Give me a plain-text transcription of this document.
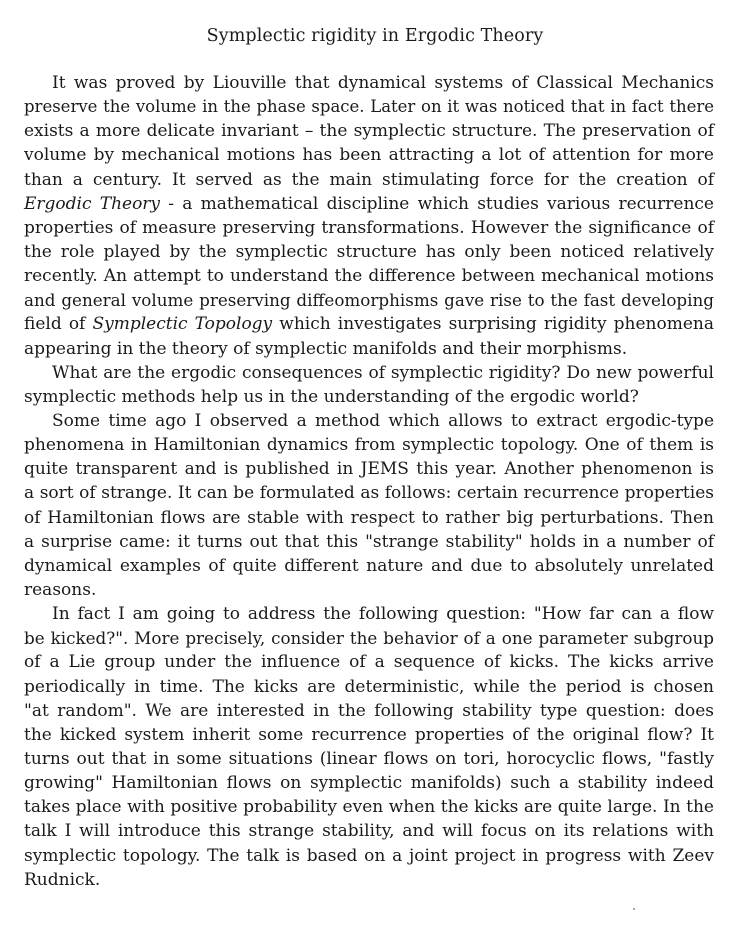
Symplectic rigidity in Ergodic Theory
It was proved by Liouville that dynamical systems of Classical Mechanics
preserve the volume in the phase space. Later on it was noticed that in fact there
exists a more delicate invariant – the symplectic structure. The preservation of
volume by mechanical motions has been attracting a lot of attention for more
than a century. It served as the main stimulating force for the creation of
Ergodic Theory - a mathematical discipline which studies various recurrence
properties of measure preserving transformations. However the significance of
the role played by the symplectic structure has only been noticed relatively
recently. An attempt to understand the difference between mechanical motions
and general volume preserving diffeomorphisms gave rise to the fast developing
field of Symplectic Topology which investigates surprising rigidity phenomena
appearing in the theory of symplectic manifolds and their morphisms.
What are the ergodic consequences of symplectic rigidity? Do new powerful
symplectic methods help us in the understanding of the ergodic world?
Some time ago I observed a method which allows to extract ergodic-type
phenomena in Hamiltonian dynamics from symplectic topology. One of them is
quite transparent and is published in JEMS this year. Another phenomenon is
a sort of strange. It can be formulated as follows: certain recurrence properties
of Hamiltonian flows are stable with respect to rather big perturbations. Then
a surprise came: it turns out that this "strange stability" holds in a number of
dynamical examples of quite different nature and due to absolutely unrelated
reasons.
In fact I am going to address the following question: "How far can a flow
be kicked?". More precisely, consider the behavior of a one parameter subgroup
of a Lie group under the influence of a sequence of kicks. The kicks arrive
periodically in time. The kicks are deterministic, while the period is chosen
"at random". We are interested in the following stability type question: does
the kicked system inherit some recurrence properties of the original flow? It
turns out that in some situations (linear flows on tori, horocyclic flows, "fastly
growing" Hamiltonian flows on symplectic manifolds) such a stability indeed
takes place with positive probability even when the kicks are quite large. In the
talk I will introduce this strange stability, and will focus on its relations with
symplectic topology. The talk is based on a joint project in progress with Zeev
Rudnick.
